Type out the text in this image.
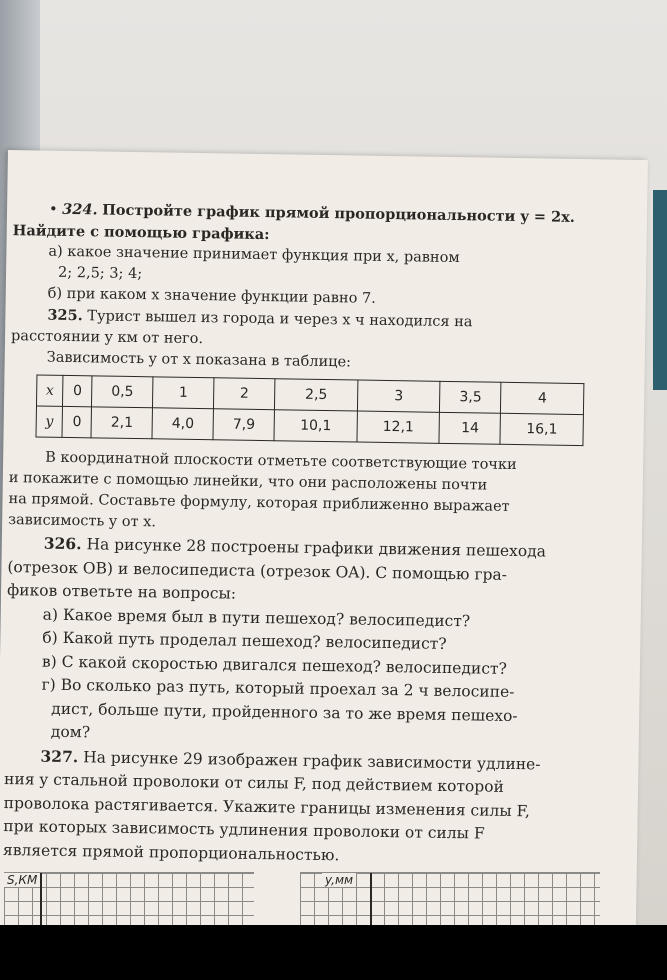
• 324. Постройте график прямой пропорциональности y = 2x.
Найдите с помощью графика:
а) какое значение принимает функция при x, равном
2; 2,5; 3; 4;
б) при каком x значение функции равно 7.
325. Турист вышел из города и через x ч находился на
расстоянии y км от него.
Зависимость y от x показана в таблице:
x	0	0,5	1	2	2,5	3	3,5	4
y	0	2,1	4,0	7,9	10,1	12,1	14	16,1
В координатной плоскости отметьте соответствующие точки
и покажите с помощью линейки, что они расположены почти
на прямой. Составьте формулу, которая приближенно выражает
зависимость y от x.
326. На рисунке 28 построены графики движения пешехода
(отрезок OB) и велосипедиста (отрезок OA). С помощью гра-
фиков ответьте на вопросы:
а) Какое время был в пути пешеход? велосипедист?
б) Какой путь проделал пешеход? велосипедист?
в) С какой скоростью двигался пешеход? велосипедист?
г) Во сколько раз путь, который проехал за 2 ч велосипе-
дист, больше пути, пройденного за то же время пешехо-
дом?
327. На рисунке 29 изображен график зависимости удлине-
ния y стальной проволоки от силы F, под действием которой
проволока растягивается. Укажите границы изменения силы F,
при которых зависимость удлинения проволоки от силы F
является прямой пропорциональностью.
S,КМ	y,мм
